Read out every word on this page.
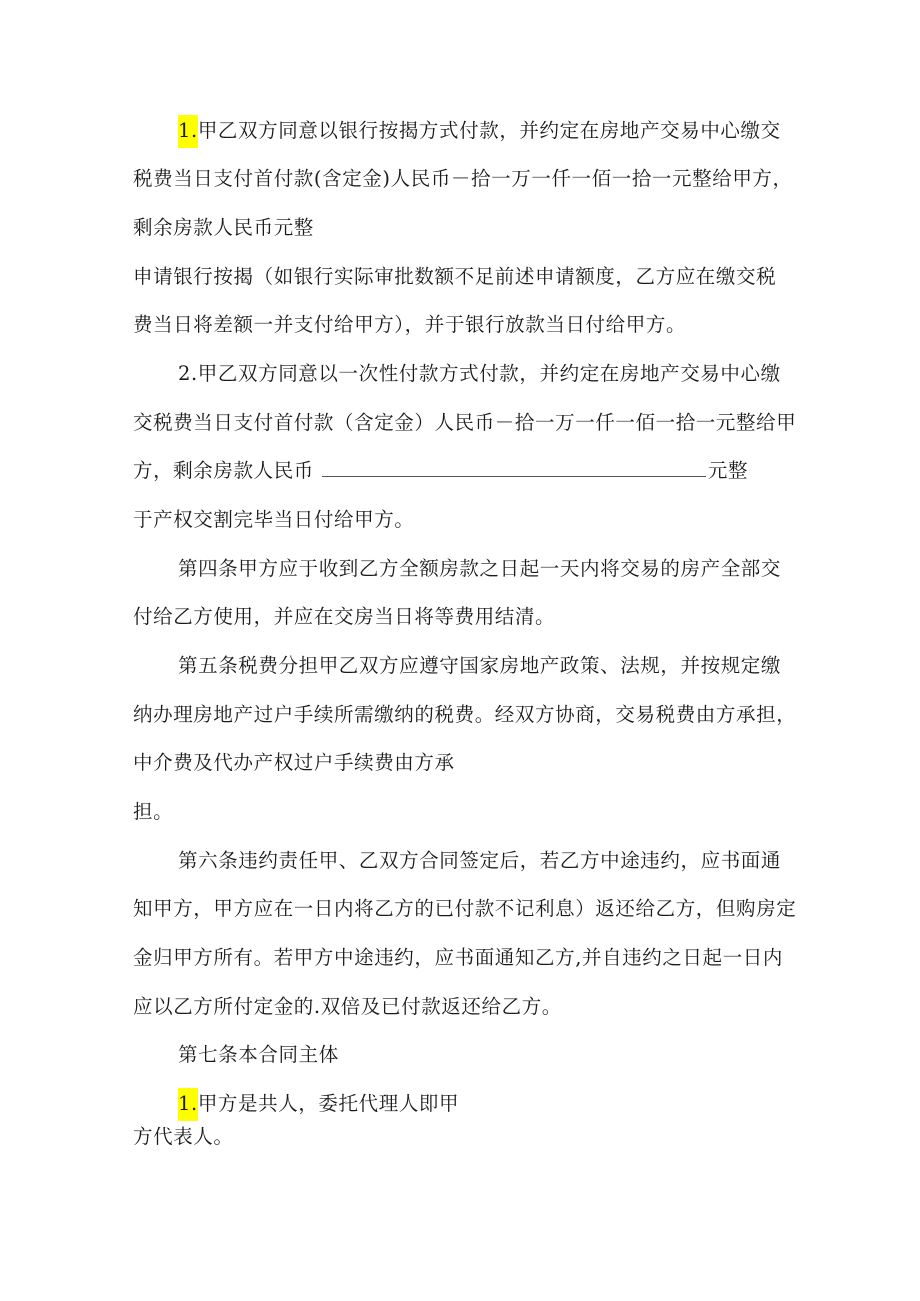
1.甲乙双方同意以银行按揭方式付款，并约定在房地产交易中心缴交
税费当日支付首付款(含定金)人民币－拾一万一仟一佰一拾一元整给甲方，
剩余房款人民币元整
申请银行按揭（如银行实际审批数额不足前述申请额度，乙方应在缴交税
费当日将差额一并支付给甲方），并于银行放款当日付给甲方。
2.甲乙双方同意以一次性付款方式付款，并约定在房地产交易中心缴
交税费当日支付首付款（含定金）人民币－拾一万一仟一佰一拾一元整给甲
方，剩余房款人民币	元整
于产权交割完毕当日付给甲方。
第四条甲方应于收到乙方全额房款之日起一天内将交易的房产全部交
付给乙方使用，并应在交房当日将等费用结清。
第五条税费分担甲乙双方应遵守国家房地产政策、法规，并按规定缴
纳办理房地产过户手续所需缴纳的税费。经双方协商，交易税费由方承担，
中介费及代办产权过户手续费由方承
担。
第六条违约责任甲、乙双方合同签定后，若乙方中途违约，应书面通
知甲方，甲方应在一日内将乙方的已付款不记利息）返还给乙方，但购房定
金归甲方所有。若甲方中途违约，应书面通知乙方,并自违约之日起一日内
应以乙方所付定金的.双倍及已付款返还给乙方。
第七条本合同主体
1.甲方是共人，委托代理人即甲
方代表人。
